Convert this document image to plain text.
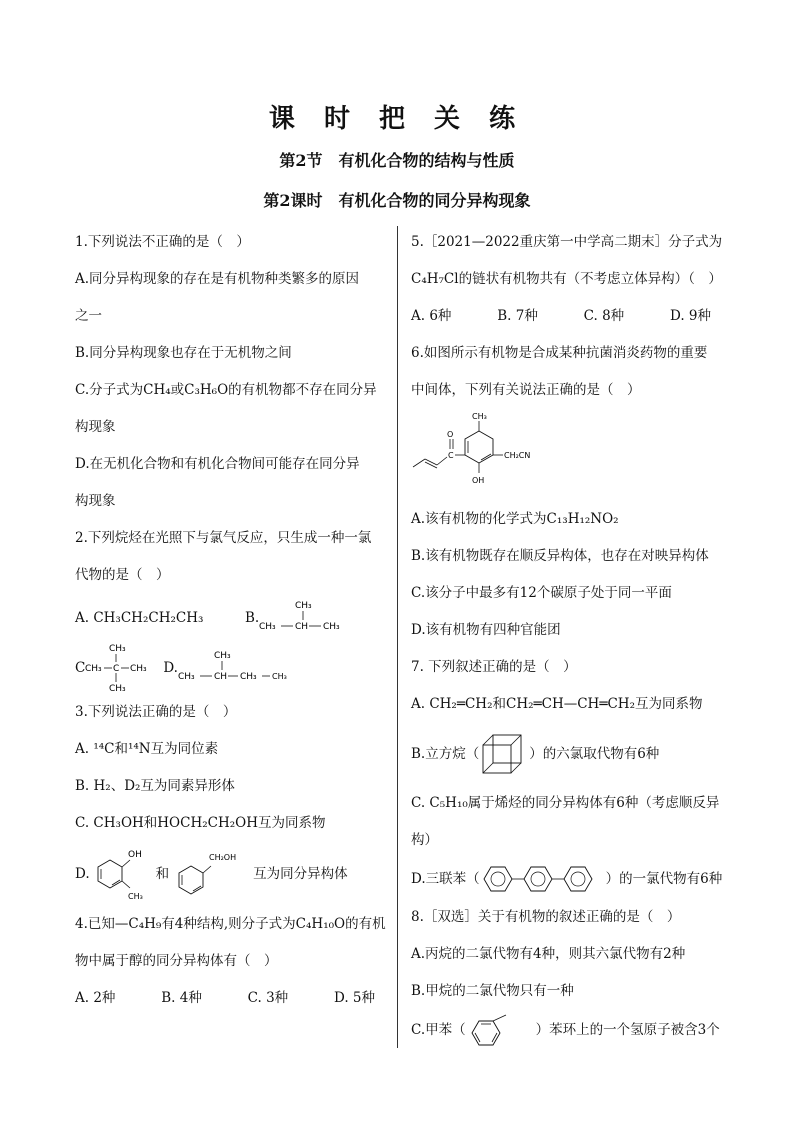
课 时 把 关 练
第2节　有机化合物的结构与性质
第2课时　有机化合物的同分异构现象
1.下列说法不正确的是（　）
A.同分异构现象的存在是有机物种类繁多的原因
之一
B.同分异构现象也存在于无机物之间
C.分子式为CH₄或C₃H₆O的有机物都不存在同分异
构现象
D.在无机化合物和有机化合物间可能存在同分异
构现象
2.下列烷烃在光照下与氯气反应，只生成一种一氯
代物的是（　）
A. CH₃CH₂CH₂CH₃	B.
CH₃
CH₃ CH CH₃
C
CH₃
CH₃ C CH₃
CH₃
D.
CH₃
CH₃ CH CH₃ CH₃
3.下列说法正确的是（　）
A. ¹⁴C和¹⁴N互为同位素
B. H₂、D₂互为同素异形体
C. CH₃OH和HOCH₂CH₂OH互为同系物
D.
OH
CH₃
和
CH₂OH
互为同分异构体
4.已知—C₄H₉有4种结构,则分子式为C₄H₁₀O的有机
物中属于醇的同分异构体有（　）
A. 2种	B. 4种	C. 3种	D. 5种
5.［2021—2022重庆第一中学高二期末］分子式为
C₄H₇Cl的链状有机物共有（不考虑立体异构）（　）
A. 6种	B. 7种	C. 8种	D. 9种
6.如图所示有机物是合成某种抗菌消炎药物的重要
中间体，下列有关说法正确的是（　）
CH₃
CH₂CN
OH
C
O
A.该有机物的化学式为C₁₃H₁₂NO₂
B.该有机物既存在顺反异构体，也存在对映异构体
C.该分子中最多有12个碳原子处于同一平面
D.该有机物有四种官能团
7. 下列叙述正确的是（　）
A. CH₂═CH₂和CH₂═CH—CH═CH₂互为同系物
B.立方烷（	）的六氯取代物有6种
C. C₅H₁₀属于烯烃的同分异构体有6种（考虑顺反异
构）
D.三联苯（	）的一氯代物有6种
8.［双选］关于有机物的叙述正确的是（　）
A.丙烷的二氯代物有4种，则其六氯代物有2种
B.甲烷的二氯代物只有一种
C.甲苯（	）苯环上的一个氢原子被含3个
